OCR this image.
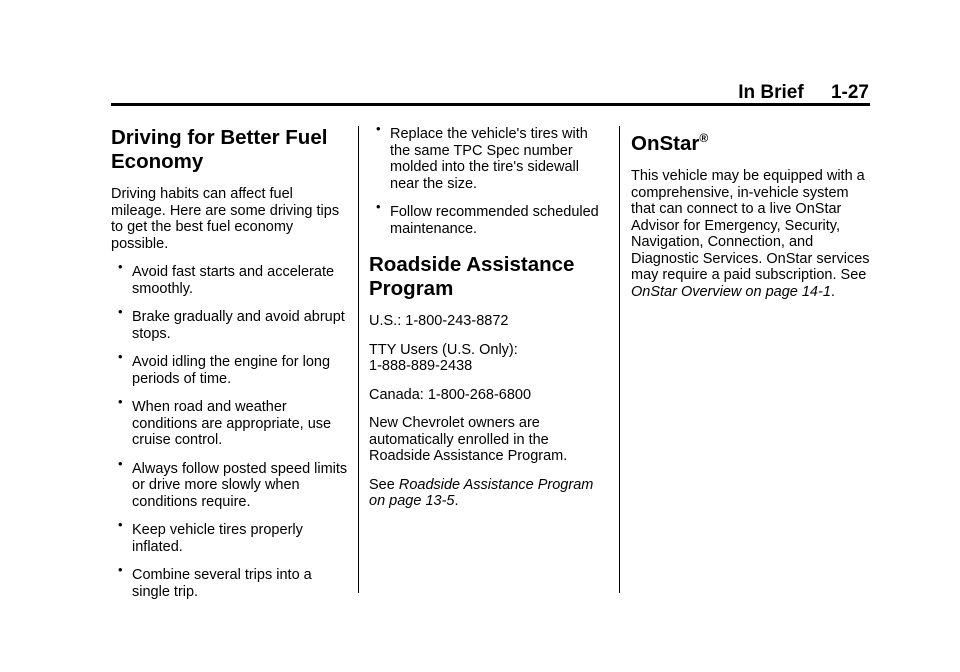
In Brief 1-27
Driving for Better Fuel Economy

Driving habits can affect fuel mileage. Here are some driving tips to get the best fuel economy possible.

• Avoid fast starts and accelerate smoothly.
• Brake gradually and avoid abrupt stops.
• Avoid idling the engine for long periods of time.
• When road and weather conditions are appropriate, use cruise control.
• Always follow posted speed limits or drive more slowly when conditions require.
• Keep vehicle tires properly inflated.
• Combine several trips into a single trip.
• Replace the vehicle's tires with the same TPC Spec number molded into the tire's sidewall near the size.
• Follow recommended scheduled maintenance.
Roadside Assistance Program

U.S.: 1-800-243-8872

TTY Users (U.S. Only):
1-888-889-2438

Canada: 1-800-268-6800

New Chevrolet owners are automatically enrolled in the Roadside Assistance Program.

See Roadside Assistance Program on page 13-5.

OnStar®

This vehicle may be equipped with a comprehensive, in-vehicle system that can connect to a live OnStar Advisor for Emergency, Security, Navigation, Connection, and Diagnostic Services. OnStar services may require a paid subscription. See OnStar Overview on page 14-1.
